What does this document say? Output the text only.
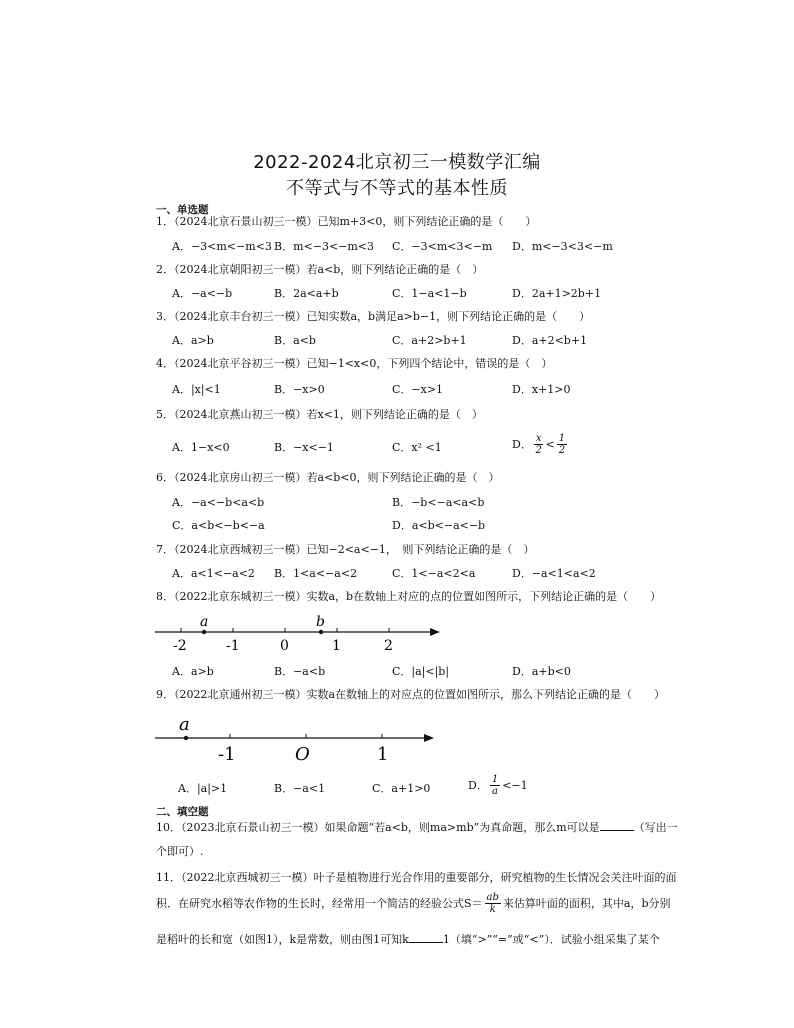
2022-2024北京初三一模数学汇编
不等式与不等式的基本性质
一、单选题
1．（2024北京石景山初三一模）已知m+3<0，则下列结论正确的是（　　）
A．−3<m<−m<3 B．m<−3<−m<3 C．−3<m<3<−m D．m<−3<3<−m
2．（2024北京朝阳初三一模）若a<b，则下列结论正确的是（　）
A．−a<−b	B．2a<a+b	C．1−a<1−b	D．2a+1>2b+1
3．（2024北京丰台初三一模）已知实数a，b满足a>b−1，则下列结论正确的是（　　）
A．a>b	B．a<b	C．a+2>b+1	D．a+2<b+1
4．（2024北京平谷初三一模）已知−1<x<0，下列四个结论中，错误的是（　）
A．|x|<1	B．−x>0	C．−x>1	D．x+1>0
5．（2024北京燕山初三一模）若x<1，则下列结论正确的是（　）
A．1−x<0	B．−x<−1	C．x² <1	D． $\frac{x}{2} < \frac{1}{2}$
6．（2024北京房山初三一模）若a<b<0，则下列结论正确的是（　）
A．−a<−b<a<b	B．−b<−a<a<b
C．a<b<−b<−a	D．a<b<−a<−b
7．（2024北京西城初三一模）已知−2<a<−1，　则下列结论正确的是（　）
A．a<1<−a<2 B．1<a<−a<2	C．1<−a<2<a	D．−a<1<a<2
8．（2022北京东城初三一模）实数a，b在数轴上对应的点的位置如图所示，下列结论正确的是（　　）
a	b
-2	-1	0	1	2
A．a>b	B．−a<b	C．|a|<|b|	D．a+b<0
9．（2022北京通州初三一模）实数a在数轴上的对应点的位置如图所示，那么下列结论正确的是（　　）
a
-1	O	1
A．|a|>1	B．−a<1	C．a+1>0	D． $\frac{1}{a} <-1$
二、填空题
10．（2023北京石景山初三一模）如果命题“若a<b，则ma>mb”为真命题，那么m可以是	（写出一
个即可）.
11．（2022北京西城初三一模）叶子是植物进行光合作用的重要部分，研究植物的生长情况会关注叶面的面
积．在研究水稻等农作物的生长时，经常用一个简洁的经验公式$S= \frac{ab}{k}$ 来估算叶面的面积，其中a，b分别
是稻叶的长和宽（如图1），k是常数，则由图1可知k	1（填“>”“=”或“<”）．试验小组采集了某个
